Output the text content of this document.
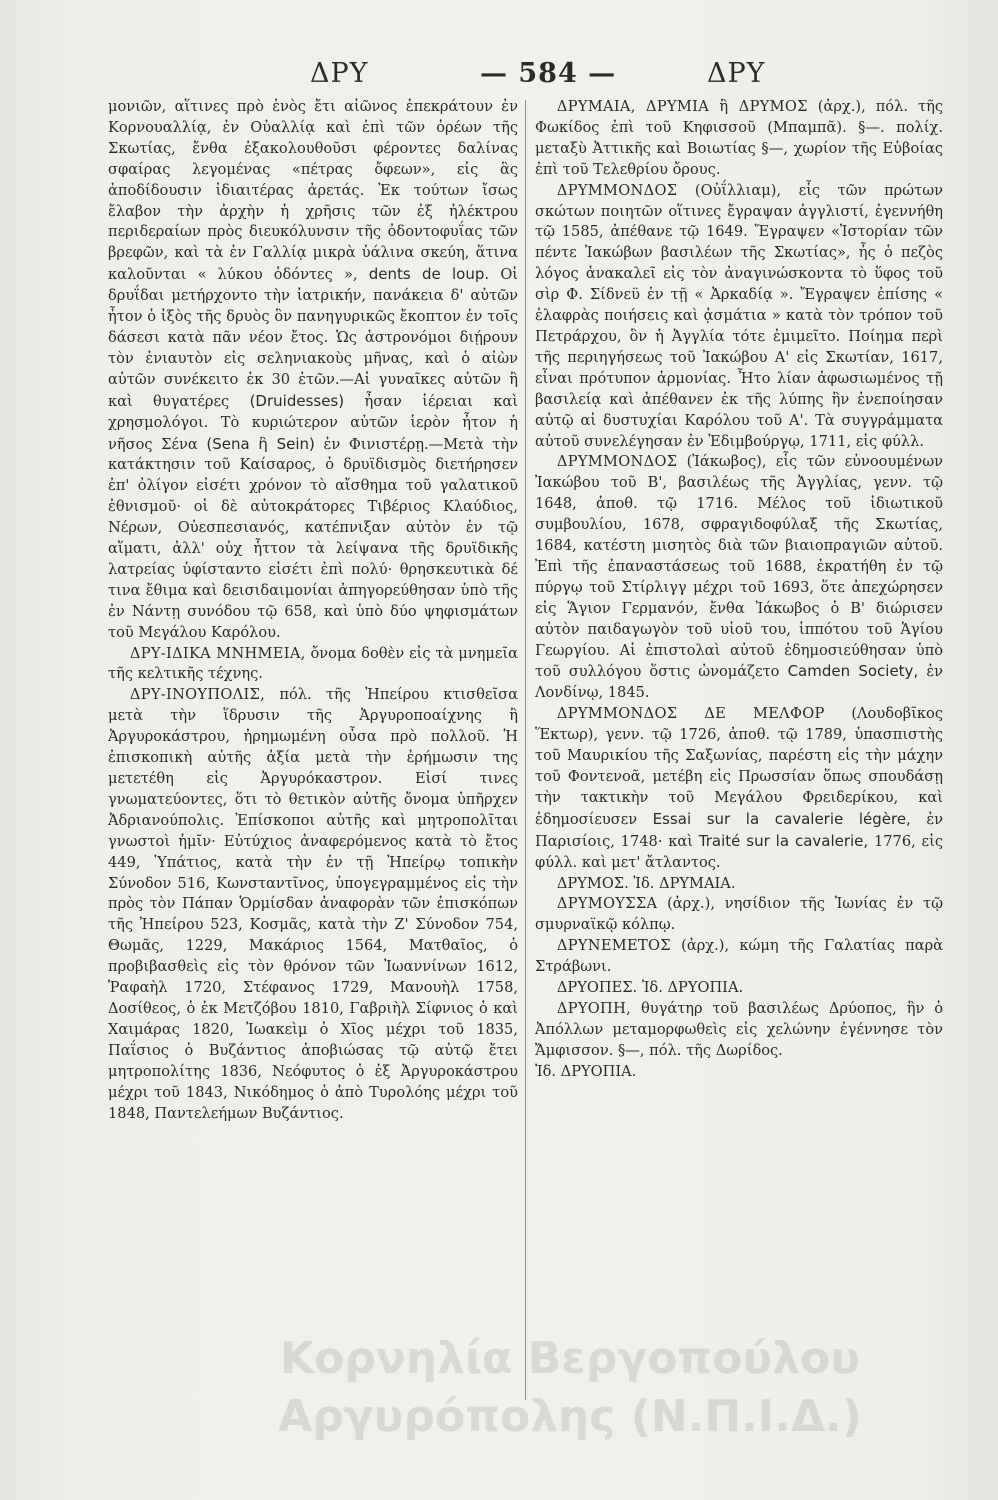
ΔΡΥ	— 584 —	ΔΡΥ

μονιῶν, αἵτινες πρὸ ἑνὸς ἔτι αἰῶνος ἐπεκράτουν ἐν Κορνουαλλίᾳ, ἐν Οὐαλλίᾳ καὶ ἐπὶ τῶν ὀρέων τῆς Σκωτίας, ἔνθα ἐξακολουθοῦσι φέροντες δαλίνας σφαίρας λεγομένας «πέτρας ὄφεων», εἰς ἃς ἀποδίδουσιν ἰδιαιτέρας ἀρετάς. Ἐκ τούτων ἴσως ἔλαβον τὴν ἀρχὴν ἡ χρῆσις τῶν ἐξ ἠλέκτρου περιδεραίων πρὸς διευκόλυνσιν τῆς ὀδοντοφυΐας τῶν βρεφῶν, καὶ τὰ ἐν Γαλλίᾳ μικρὰ ὑάλινα σκεύη, ἅτινα καλοῦνται « λύκου ὀδόντες », dents de loup. Οἱ δρυΐδαι μετήρχοντο τὴν ἰατρικήν, πανάκεια δ' αὐτῶν ἦτον ὁ ἰξὸς τῆς δρυὸς ὃν πανηγυρικῶς ἔκοπτον ἐν τοῖς δάσεσι κατὰ πᾶν νέον ἔτος. Ὡς ἀστρονόμοι διῄρουν τὸν ἐνιαυτὸν εἰς σεληνιακοὺς μῆνας, καὶ ὁ αἰὼν αὐτῶν συνέκειτο ἐκ 30 ἐτῶν.—Αἱ γυναῖκες αὐτῶν ἢ καὶ θυγατέρες (Druidesses) ἦσαν ἱέρειαι καὶ χρησμολόγοι. Τὸ κυριώτερον αὐτῶν ἱερὸν ἦτον ἡ νῆσος Σένα (Sena ἢ Sein) ἐν Φινιστέρῃ.—Μετὰ τὴν κατάκτησιν τοῦ Καίσαρος, ὁ δρυϊδισμὸς διετήρησεν ἐπ' ὀλίγον εἰσέτι χρόνον τὸ αἴσθημα τοῦ γαλατικοῦ ἐθνισμοῦ· οἱ δὲ αὐτοκράτορες Τιβέριος Κλαύδιος, Νέρων, Οὐεσπεσιανός, κατέπνιξαν αὐτὸν ἐν τῷ αἵματι, ἀλλ' οὐχ ἧττον τὰ λείψανα τῆς δρυϊδικῆς λατρείας ὑφίσταντο εἰσέτι ἐπὶ πολύ· θρησκευτικὰ δέ τινα ἔθιμα καὶ δεισιδαιμονίαι ἀπηγορεύθησαν ὑπὸ τῆς ἐν Νάντῃ συνόδου τῷ 658, καὶ ὑπὸ δύο ψηφισμάτων τοῦ Μεγάλου Καρόλου.

ΔΡΥ-ΙΔΙΚΑ ΜΝΗΜΕΙΑ, ὄνομα δοθὲν εἰς τὰ μνημεῖα τῆς κελτικῆς τέχνης.

ΔΡΥ-ΙΝΟΥΠΟΛΙΣ, πόλ. τῆς Ἠπείρου κτισθεῖσα μετὰ τὴν ἵδρυσιν τῆς Ἀργυροποαίχνης ἢ Ἀργυροκάστρου, ἠρημωμένη οὖσα πρὸ πολλοῦ. Ἡ ἐπισκοπικὴ αὐτῆς ἀξία μετὰ τὴν ἐρήμωσιν της μετετέθη εἰς Ἀργυρόκαστρον. Εἰσί τινες γνωματεύοντες, ὅτι τὸ θετικὸν αὐτῆς ὄνομα ὑπῆρχεν Ἀδριανούπολις. Ἐπίσκοποι αὐτῆς καὶ μητροπολῖται γνωστοὶ ἡμῖν· Εὐτύχιος ἀναφερόμενος κατὰ τὸ ἔτος 449, Ὑπάτιος, κατὰ τὴν ἐν τῇ Ἠπείρῳ τοπικὴν Σύνοδον 516, Κωνσταντῖνος, ὑπογεγραμμένος εἰς τὴν πρὸς τὸν Πάπαν Ὁρμίσδαν ἀναφορὰν τῶν ἐπισκόπων τῆς Ἠπείρου 523, Κοσμᾶς, κατὰ τὴν Ζ' Σύνοδον 754, Θωμᾶς, 1229, Μακάριος 1564, Ματθαῖος, ὁ προβιβασθεὶς εἰς τὸν θρόνον τῶν Ἰωαννίνων 1612, Ῥαφαὴλ 1720, Στέφανος 1729, Μανουὴλ 1758, Δοσίθεος, ὁ ἐκ Μετζόβου 1810, Γαβριὴλ Σίφνιος ὁ καὶ Χαιμάρας 1820, Ἰωακεὶμ ὁ Χῖος μέχρι τοῦ 1835, Παΐσιος ὁ Βυζάντιος ἀποβιώσας τῷ αὐτῷ ἔτει μητροπολίτης 1836, Νεόφυτος ὁ ἐξ Ἀργυροκάστρου μέχρι τοῦ 1843, Νικόδημος ὁ ἀπὸ Τυρολόης μέχρι τοῦ 1848, Παντελεήμων Βυζάντιος.

ΔΡΥΜΑΙΑ, ΔΡΥΜΙΑ ἢ ΔΡΥΜΟΣ (ἀρχ.), πόλ. τῆς Φωκίδος ἐπὶ τοῦ Κηφισσοῦ (Μπαμπᾶ). §—. πολίχ. μεταξὺ Ἀττικῆς καὶ Βοιωτίας §—, χωρίον τῆς Εὐβοίας ἐπὶ τοῦ Τελεθρίου ὄρους.

ΔΡΥΜΜΟΝΔΟΣ (Οὐΐλλιαμ), εἷς τῶν πρώτων σκώτων ποιητῶν οἵτινες ἔγραψαν ἀγγλιστί, ἐγεννήθη τῷ 1585, ἀπέθανε τῷ 1649. Ἔγραψεν «Ἱστορίαν τῶν πέντε Ἰακώβων βασιλέων τῆς Σκωτίας», ἧς ὁ πεζὸς λόγος ἀνακαλεῖ εἰς τὸν ἀναγινώσκοντα τὸ ὕφος τοῦ σὶρ Φ. Σίδνεϋ ἐν τῇ « Ἀρκαδίᾳ ». Ἔγραψεν ἐπίσης « ἐλαφρὰς ποιήσεις καὶ ᾀσμάτια » κατὰ τὸν τρόπον τοῦ Πετράρχου, ὃν ἡ Ἀγγλία τότε ἐμιμεῖτο. Ποίημα περὶ τῆς περιηγήσεως τοῦ Ἰακώβου Α' εἰς Σκωτίαν, 1617, εἶναι πρότυπον ἁρμονίας. Ἦτο λίαν ἀφωσιωμένος τῇ βασιλείᾳ καὶ ἀπέθανεν ἐκ τῆς λύπης ἣν ἐνεποίησαν αὐτῷ αἱ δυστυχίαι Καρόλου τοῦ Α'. Τὰ συγγράμματα αὐτοῦ συνελέγησαν ἐν Ἐδιμβούργῳ, 1711, εἰς φύλλ.

ΔΡΥΜΜΟΝΔΟΣ (Ἰάκωβος), εἷς τῶν εὐνοουμένων Ἰακώβου τοῦ Β', βασιλέως τῆς Ἀγγλίας, γενν. τῷ 1648, ἀποθ. τῷ 1716. Μέλος τοῦ ἰδιωτικοῦ συμβουλίου, 1678, σφραγιδοφύλαξ τῆς Σκωτίας, 1684, κατέστη μισητὸς διὰ τῶν βιαιοπραγιῶν αὐτοῦ. Ἐπὶ τῆς ἐπαναστάσεως τοῦ 1688, ἐκρατήθη ἐν τῷ πύργῳ τοῦ Στίρλιγγ μέχρι τοῦ 1693, ὅτε ἀπεχώρησεν εἰς Ἅγιον Γερμανόν, ἔνθα Ἰάκωβος ὁ Β' διώρισεν αὐτὸν παιδαγωγὸν τοῦ υἱοῦ του, ἱππότου τοῦ Ἁγίου Γεωργίου. Αἱ ἐπιστολαὶ αὐτοῦ ἐδημοσιεύθησαν ὑπὸ τοῦ συλλόγου ὅστις ὠνομάζετο Camden Society, ἐν Λονδίνῳ, 1845.

ΔΡΥΜΜΟΝΔΟΣ ΔΕ ΜΕΛΦΟΡ (Λουδοβῖκος Ἕκτωρ), γενν. τῷ 1726, ἀποθ. τῷ 1789, ὑπασπιστὴς τοῦ Μαυρικίου τῆς Σαξωνίας, παρέστη εἰς τὴν μάχην τοῦ Φοντενοᾶ, μετέβη εἰς Πρωσσίαν ὅπως σπουδάσῃ τὴν τακτικὴν τοῦ Μεγάλου Φρειδερίκου, καὶ ἐδημοσίευσεν Essai sur la cavalerie légère, ἐν Παρισίοις, 1748· καὶ Traité sur la cavalerie, 1776, εἰς φύλλ. καὶ μετ' ἄτλαντος.

ΔΡΥΜΟΣ. Ἰδ. ΔΡΥΜΑΙΑ.

ΔΡΥΜΟΥΣΣΑ (ἀρχ.), νησίδιον τῆς Ἰωνίας ἐν τῷ σμυρναϊκῷ κόλπῳ.

ΔΡΥΝΕΜΕΤΟΣ (ἀρχ.), κώμη τῆς Γαλατίας παρὰ Στράβωνι.

ΔΡΥΟΠΕΣ. Ἰδ. ΔΡΥΟΠΙΑ.

ΔΡΥΟΠΗ, θυγάτηρ τοῦ βασιλέως Δρύοπος, ἣν ὁ Ἀπόλλων μεταμορφωθεὶς εἰς χελώνην ἐγέννησε τὸν Ἄμφισσον. §—, πόλ. τῆς Δωρίδος.

Ἰδ. ΔΡΥΟΠΙΑ.

Κορνηλία Βεργοπούλου
Αργυρόπολης (Ν.Π.Ι.Δ.)
